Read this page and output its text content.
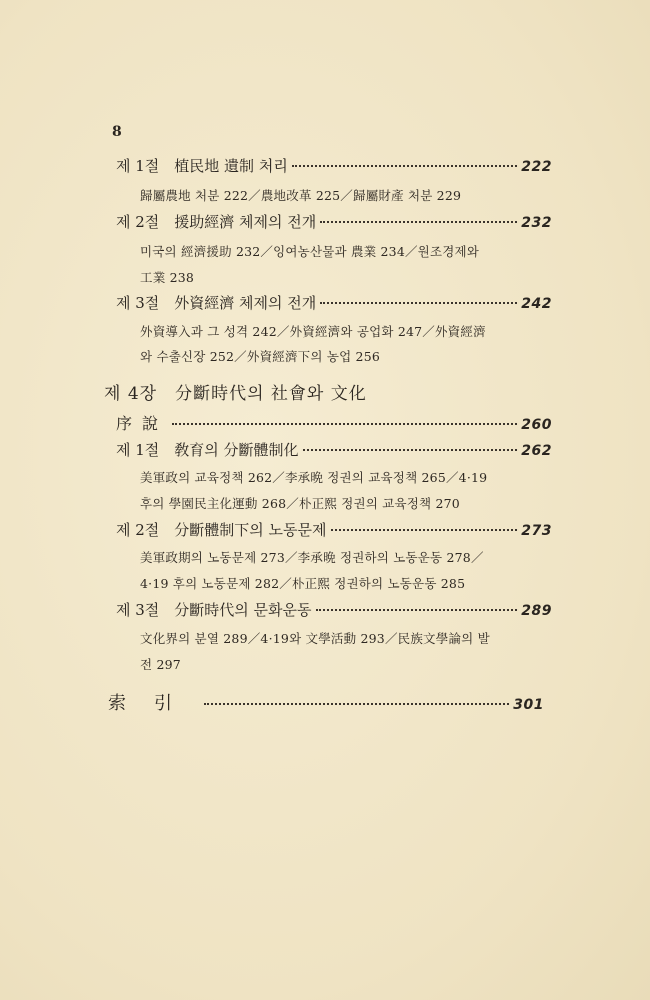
8
제 1절　植民地 遺制 처리	222
歸屬農地 처분 222／農地改革 225／歸屬財產 처분 229
제 2절　援助經濟 체제의 전개	232
미국의 經濟援助 232／잉여농산물과 農業 234／원조경제와
工業 238
제 3절　外資經濟 체제의 전개	242
外資導入과 그 성격 242／外資經濟와 공업화 247／外資經濟
와 수출신장 252／外資經濟下의 농업 256
제 4장　分斷時代의 社會와 文化
序說	260
제 1절　敎育의 分斷體制化	262
美軍政의 교육정책 262／李承晩 정권의 교육정책 265／4·19
후의 學園民主化運動 268／朴正熙 정권의 교육정책 270
제 2절　分斷體制下의 노동문제	273
美軍政期의 노동문제 273／李承晩 정권하의 노동운동 278／
4·19 후의 노동문제 282／朴正熙 정권하의 노동운동 285
제 3절　分斷時代의 문화운동	289
文化界의 분열 289／4·19와 文學活動 293／民族文學論의 발
전 297
索引	301
